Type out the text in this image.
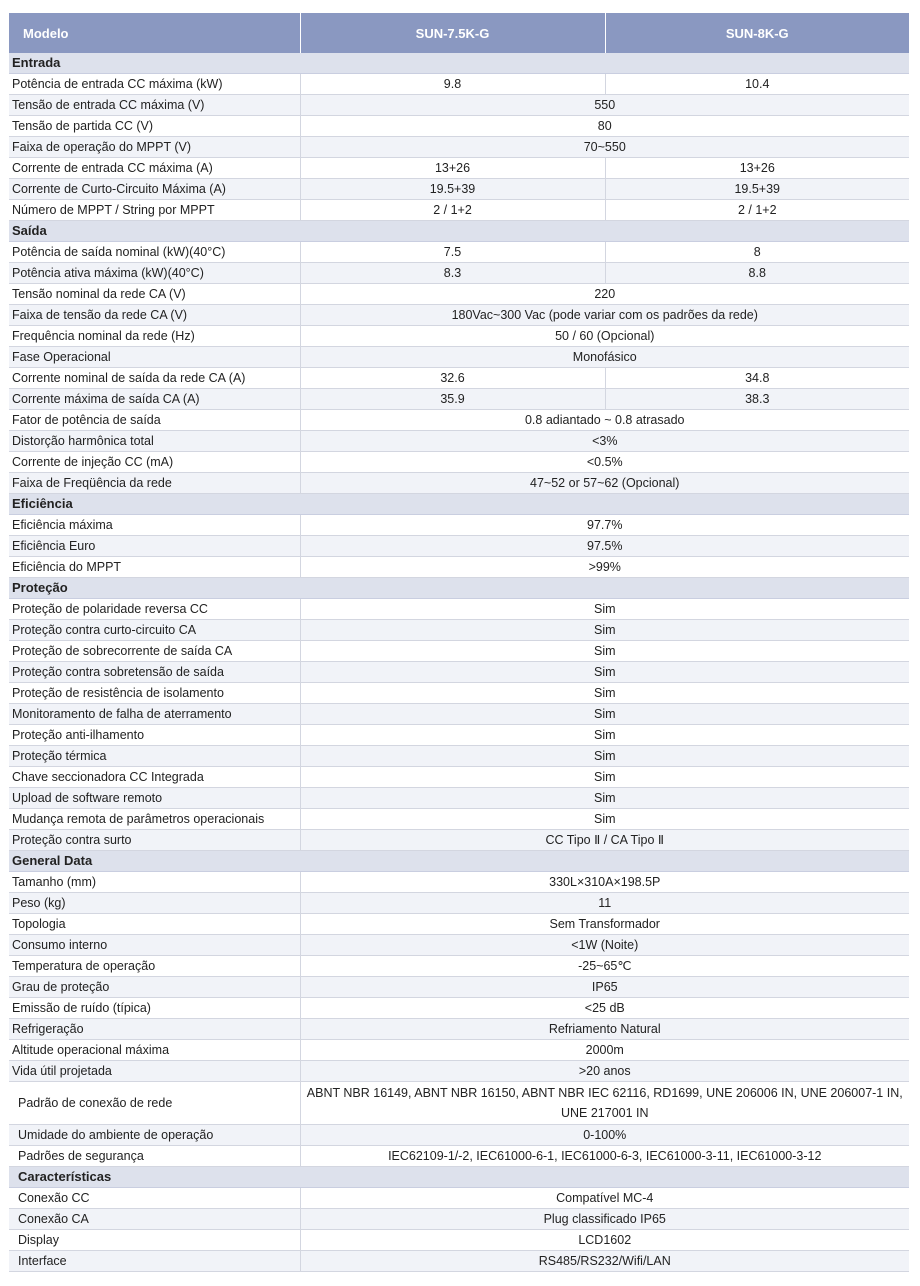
Modelo	SUN-7.5K-G	SUN-8K-G
Entrada		
Potência de entrada CC máxima (kW)	9.8	10.4
Tensão de entrada CC máxima (V)	550	
Tensão de partida CC (V)	80	
Faixa de operação do MPPT (V)	70~550	
Corrente de entrada CC máxima (A)	13+26	13+26
Corrente de Curto-Circuito Máxima (A)	19.5+39	19.5+39
Número de MPPT / String por MPPT	2 / 1+2	2 / 1+2
Saída		
Potência de saída nominal (kW)(40°C)	7.5	8
Potência ativa máxima (kW)(40°C)	8.3	8.8
Tensão nominal da rede CA (V)	220	
Faixa de tensão da rede CA (V)	180Vac~300 Vac (pode variar com os padrões da rede)	
Frequência nominal da rede (Hz)	50 / 60 (Opcional)	
Fase Operacional	Monofásico	
Corrente nominal de saída da rede CA (A)	32.6	34.8
Corrente máxima de saída CA (A)	35.9	38.3
Fator de potência de saída	0.8 adiantado ~ 0.8 atrasado	
Distorção harmônica total	<3%	
Corrente de injeção CC (mA)	<0.5%	
Faixa de Freqüência da rede	47~52 or 57~62 (Opcional)	
Eficiência		
Eficiência máxima	97.7%	
Eficiência Euro	97.5%	
Eficiência do MPPT	>99%	
Proteção		
Proteção de polaridade reversa CC	Sim	
Proteção contra curto-circuito CA	Sim	
Proteção de sobrecorrente de saída CA	Sim	
Proteção contra sobretensão de saída	Sim	
Proteção de resistência de isolamento	Sim	
Monitoramento de falha de aterramento	Sim	
Proteção anti-ilhamento	Sim	
Proteção térmica	Sim	
Chave seccionadora CC Integrada	Sim	
Upload de software remoto	Sim	
Mudança remota de parâmetros operacionais	Sim	
Proteção contra surto	CC Tipo Ⅱ / CA Tipo Ⅱ	
General Data		
Tamanho (mm)	330L×310A×198.5P	
Peso (kg)	11	
Topologia	Sem Transformador	
Consumo interno	<1W (Noite)	
Temperatura de operação	-25~65℃	
Grau de proteção	IP65	
Emissão de ruído (típica)	<25 dB	
Refrigeração	Refriamento Natural	
Altitude operacional máxima	2000m	
Vida útil projetada	>20 anos	
Padrão de conexão de rede	ABNT NBR 16149, ABNT NBR 16150, ABNT NBR IEC 62116, RD1699, UNE 206006 IN, UNE 206007-1 IN, UNE 217001 IN	
Umidade do ambiente de operação	0-100%	
Padrões de segurança	IEC62109-1/-2, IEC61000-6-1, IEC61000-6-3, IEC61000-3-11, IEC61000-3-12	
Características		
Conexão CC	Compatível MC-4	
Conexão CA	Plug classificado IP65	
Display	LCD1602	
Interface	RS485/RS232/Wifi/LAN	
